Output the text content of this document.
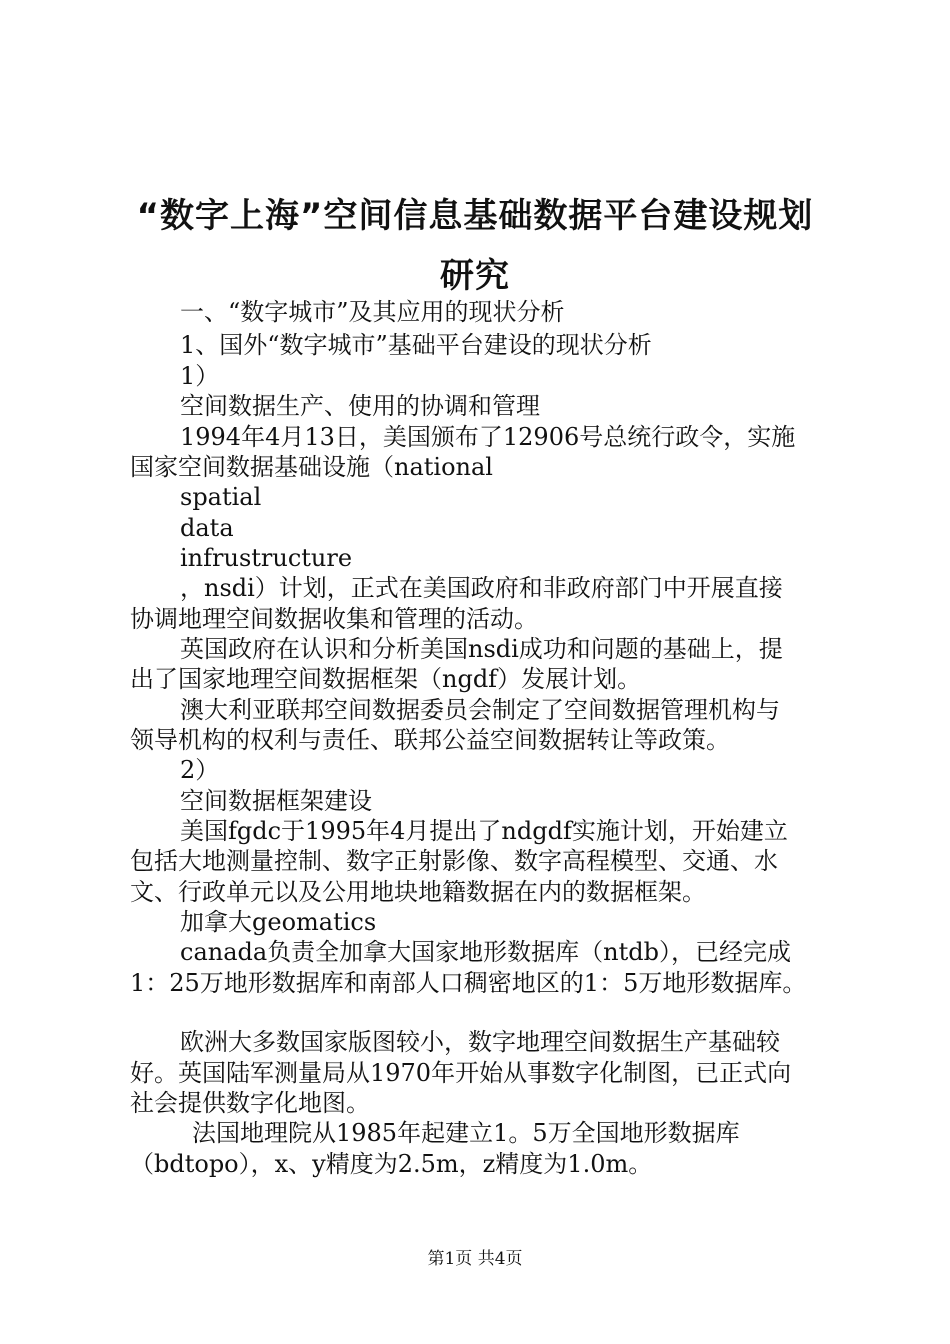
“数字上海”空间信息基础数据平台建设规划
研究
一、“数字城市”及其应用的现状分析
1、国外“数字城市”基础平台建设的现状分析
1）
空间数据生产、使用的协调和管理
1994年4月13日，美国颁布了12906号总统行政令，实施
国家空间数据基础设施（national
spatial
data
infrustructure
，nsdi）计划，正式在美国政府和非政府部门中开展直接
协调地理空间数据收集和管理的活动。
英国政府在认识和分析美国nsdi成功和问题的基础上，提
出了国家地理空间数据框架（ngdf）发展计划。
澳大利亚联邦空间数据委员会制定了空间数据管理机构与
领导机构的权利与责任、联邦公益空间数据转让等政策。
2）
空间数据框架建设
美国fgdc于1995年4月提出了ndgdf实施计划，开始建立
包括大地测量控制、数字正射影像、数字高程模型、交通、水
文、行政单元以及公用地块地籍数据在内的数据框架。
加拿大geomatics
canada负责全加拿大国家地形数据库（ntdb），已经完成
1：25万地形数据库和南部人口稠密地区的1：5万地形数据库。
欧洲大多数国家版图较小，数字地理空间数据生产基础较
好。英国陆军测量局从1970年开始从事数字化制图，已正式向
社会提供数字化地图。
法国地理院从1985年起建立1。5万全国地形数据库
（bdtopo），x、y精度为2.5m，z精度为1.0m。
第1页 共4页
